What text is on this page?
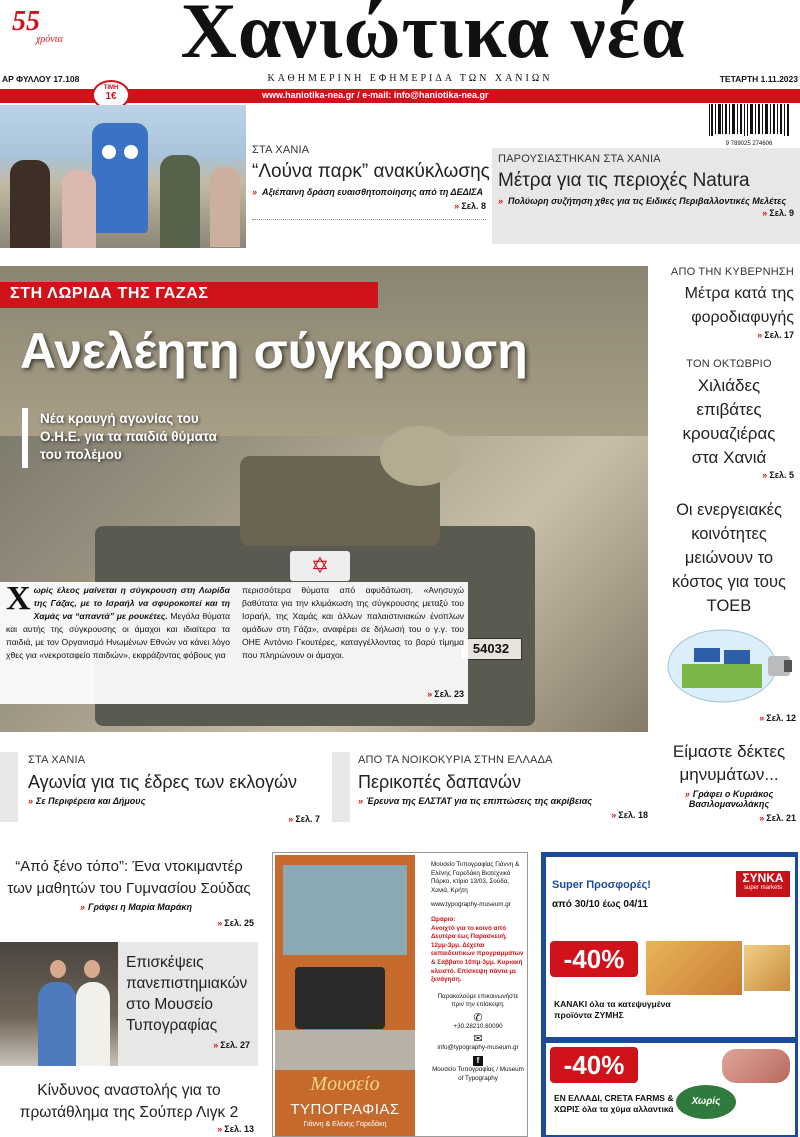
55
χρόνια	Χανιώτικα νέα
ΑΡ ΦΥΛΛΟΥ 17.108	ΚΑΘΗΜΕΡΙΝΗ ΕΦΗΜΕΡΙΔΑ ΤΩΝ ΧΑΝΙΩΝ	ΤΕΤΑΡΤΗ 1.11.2023
www.haniotika-nea.gr / e-mail: info@haniotika-nea.gr
ΤΙΜΗ
1€
9 789025 274606
ΣΤΑ ΧΑΝΙΑ
“Λούνα παρκ” ανακύκλωσης
» Αξιέπαινη δράση ευαισθητοποίησης από τη ΔΕΔΙΣΑ
» Σελ. 8
ΠΑΡΟΥΣΙΑΣΤΗΚΑΝ ΣΤΑ ΧΑΝΙΑ
Μέτρα για τις περιοχές Natura
» Πολύωρη συζήτηση χθες για τις Ειδικές Περιβαλλοντικές Μελέτες
» Σελ. 9
✡
54032
ΣΤΗ ΛΩΡΙΔΑ ΤΗΣ ΓΑΖΑΣ
Ανελέητη σύγκρουση
Νέα κραυγή αγωνίας του Ο.Η.Ε. για τα παιδιά θύματα του πολέμου
Χ ωρίς έλεος μαίνεται η σύγκρουση στη Λωρίδα της Γάζας, με το Ισραήλ να σφυροκοπεί και τη Χαμάς να “απαντά” με ρουκέτες. Μεγάλα θύματα και αυτής της σύγκρουσης οι άμαχοι και ιδιαίτερα τα παιδιά, με τον Οργανισμό Ηνωμένων Εθνών να κάνει λόγο χθες για «νεκροταφείο παιδιών», εκφράζοντας φόβους για
περισσότερα θύματα από αφυδάτωση. «Ανησυχώ βαθύτατα για την κλιμάκωση της σύγκρουσης μεταξύ του Ισραήλ, της Χαμάς και άλλων παλαιστινιακών ένοπλων ομάδων στη Γάζα», αναφέρει σε δήλωσή του ο γ.γ. του ΟΗΕ Αντόνιο Γκουτέρες, καταγγέλλοντας το βαρύ τίμημα που πληρώνουν οι άμαχοι.
» Σελ. 23
ΑΠΟ ΤΗΝ ΚΥΒΕΡΝΗΣΗ
Μέτρα κατά της φοροδιαφυγής
» Σελ. 17
ΤΟΝ ΟΚΤΩΒΡΙΟ
Χιλιάδες επιβάτες κρουαζιέρας στα Χανιά
» Σελ. 5
Οι ενεργειακές κοινότητες μειώνουν το κόστος για τους ΤΟΕΒ
» Σελ. 12
Είμαστε δέκτες μηνυμάτων...
» Γράφει ο Κυριάκος Βασιλομανωλάκης
» Σελ. 21
ΣΤΑ ΧΑΝΙΑ
Αγωνία για τις έδρες των εκλογών
» Σε Περιφέρεια και Δήμους
» Σελ. 7
ΑΠΟ ΤΑ ΝΟΙΚΟΚΥΡΙΑ ΣΤΗΝ ΕΛΛΑΔΑ
Περικοπές δαπανών
» Έρευνα της ΕΛΣΤΑΤ για τις επιπτώσεις της ακρίβειας
» Σελ. 18
“Από ξένο τόπο”: Ένα ντοκιμαντέρ των μαθητών του Γυμνασίου Σούδας
» Γράφει η Μαρία Μαράκη
» Σελ. 25
Επισκέψεις πανεπιστημιακών στο Μουσείο Τυπογραφίας
» Σελ. 27
Κίνδυνος αναστολής για το πρωτάθλημα της Σούπερ Λιγκ 2
» Σελ. 13
Μουσείο
ΤΥΠΟΓΡΑΦΙΑΣ
Γιάννη & Ελένης Γαρεδάκη
Μουσείο Τυπογραφίας Γιάννη & Ελένης Γαρεδάκη Βιοτεχνικό Πάρκο, κτίριο 13/03, Σούδα, Χανιά, Κρήτη
www.typography-museum.gr
Ωράριο:
Ανοιχτό για το κοινό από Δευτέρα έως Παρασκευή, 12μμ-3μμ. Δέχεται εκπαιδευτικών προγραμμάτων & Σάββατο 10πμ-3μμ. Κυριακή κλειστό. Επίσκεψη πάντα με ξενάγηση.
Παρακαλούμε επικοινωνήστε πριν την επίσκεψη:
✆
+30.28210.80090
✉
info@typography-museum.gr
f
Μουσείο Τυπογραφίας / Museum of Typography
ΣΥΝΚΑ
super markets
Super Προσφορές!
από 30/10 έως 04/11
-40%
ΚΑΝΑΚΙ όλα τα κατεψυγμένα προϊόντα ΖΥΜΗΣ
-40%
Χωρίς
ΕΝ ΕΛΛΑΔΙ, CRETA FARMS & ΧΩΡΙΣ όλα τα χύμα αλλαντικά
